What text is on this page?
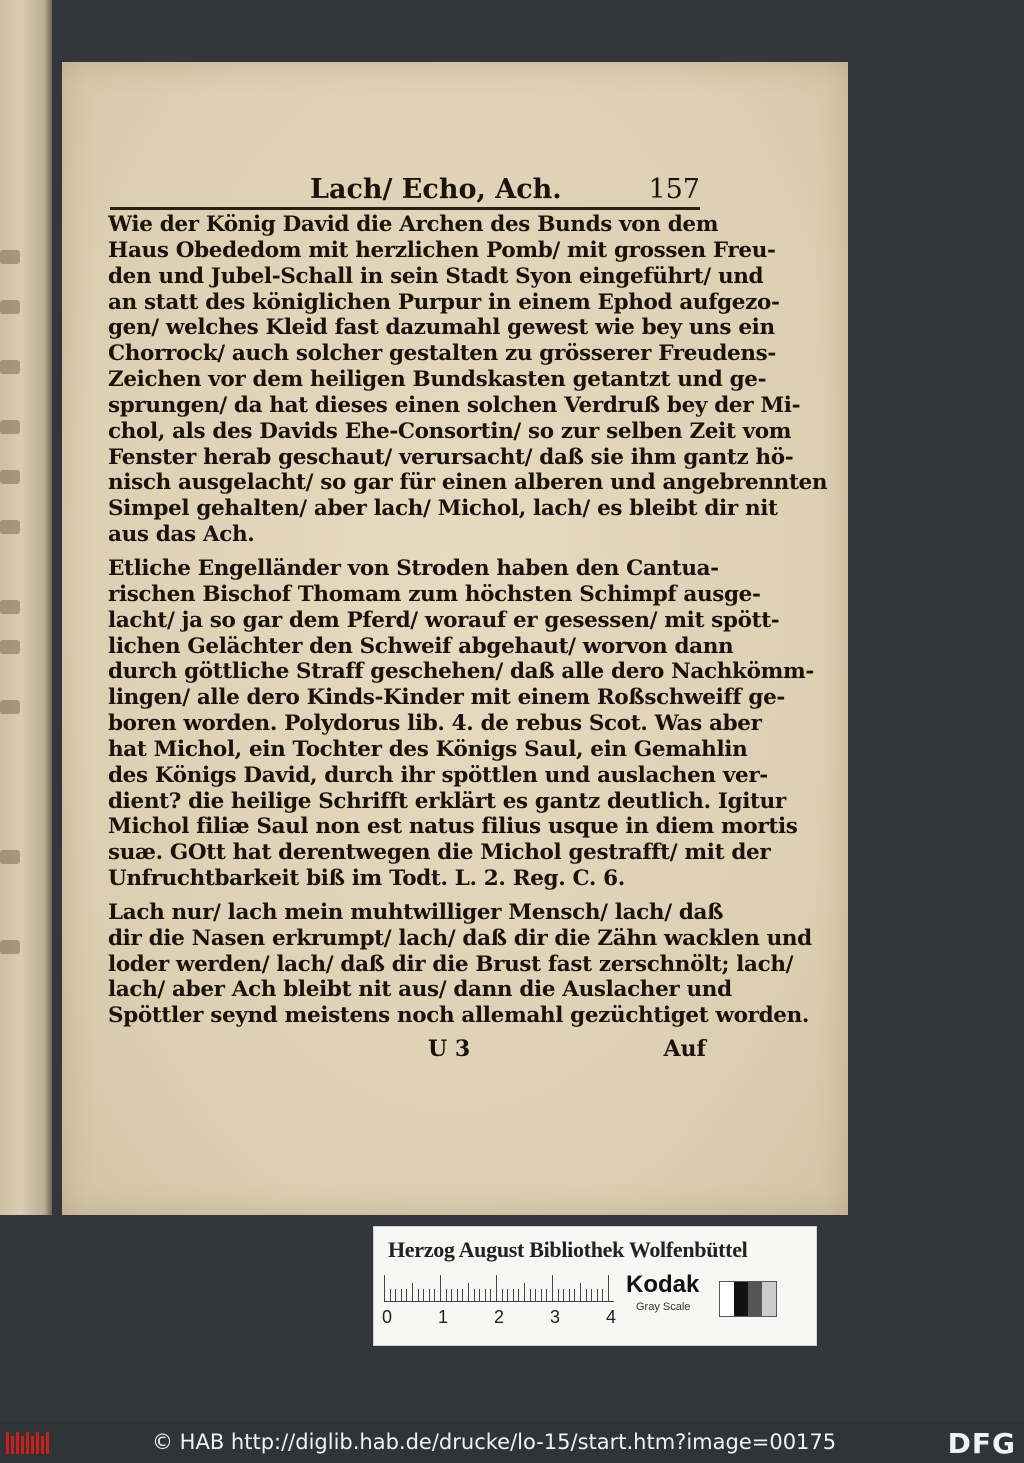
Lach/ Echo, Ach.	157
Wie der König David die Archen des Bunds von dem
Haus Obededom mit herzlichen Pomb/ mit grossen Freu-
den und Jubel-Schall in sein Stadt Syon eingeführt/ und
an statt des königlichen Purpur in einem Ephod aufgezo-
gen/ welches Kleid fast dazumahl gewest wie bey uns ein
Chorrock/ auch solcher gestalten zu grösserer Freudens-
Zeichen vor dem heiligen Bundskasten getantzt und ge-
sprungen/ da hat dieses einen solchen Verdruß bey der Mi-
chol, als des Davids Ehe-Consortin/ so zur selben Zeit vom
Fenster herab geschaut/ verursacht/ daß sie ihm gantz hö-
nisch ausgelacht/ so gar für einen alberen und angebrennten
Simpel gehalten/ aber lach/ Michol, lach/ es bleibt dir nit
aus das Ach.
Etliche Engelländer von Stroden haben den Cantua-
rischen Bischof Thomam zum höchsten Schimpf ausge-
lacht/ ja so gar dem Pferd/ worauf er gesessen/ mit spött-
lichen Gelächter den Schweif abgehaut/ worvon dann
durch göttliche Straff geschehen/ daß alle dero Nachkömm-
lingen/ alle dero Kinds-Kinder mit einem Roßschweiff ge-
boren worden. Polydorus lib. 4. de rebus Scot. Was aber
hat Michol, ein Tochter des Königs Saul, ein Gemahlin
des Königs David, durch ihr spöttlen und auslachen ver-
dient? die heilige Schrifft erklärt es gantz deutlich. Igitur
Michol filiæ Saul non est natus filius usque in diem mortis
suæ. GOtt hat derentwegen die Michol gestrafft/ mit der
Unfruchtbarkeit biß im Todt. L. 2. Reg. C. 6.
Lach nur/ lach mein muhtwilliger Mensch/ lach/ daß
dir die Nasen erkrumpt/ lach/ daß dir die Zähn wacklen und
loder werden/ lach/ daß dir die Brust fast zerschnölt; lach/
lach/ aber Ach bleibt nit aus/ dann die Auslacher und
Spöttler seynd meistens noch allemahl gezüchtiget worden.
U 3	Auf
Herzog August Bibliothek Wolfenbüttel
0	1	2	3	4
Kodak
Gray Scale
© HAB http://diglib.hab.de/drucke/lo-15/start.htm?image=00175	DFG
